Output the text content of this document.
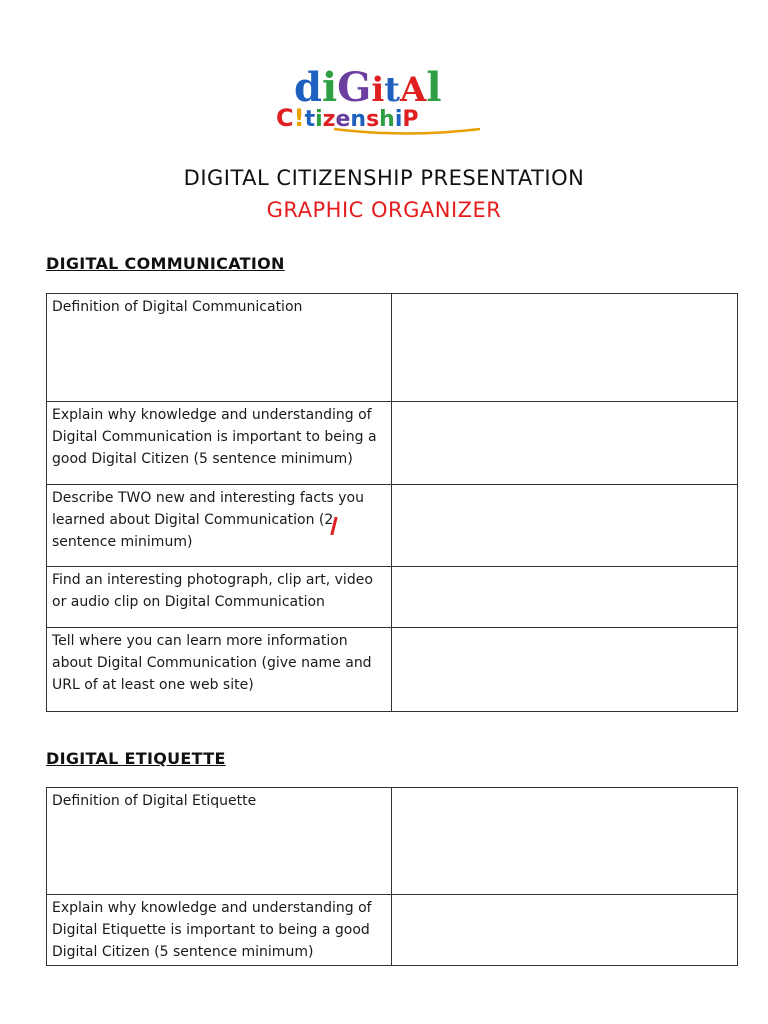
diGitAl
C!tizenshiP
DIGITAL CITIZENSHIP PRESENTATION
GRAPHIC ORGANIZER
DIGITAL COMMUNICATION
Definition of Digital Communication	

Explain why knowledge and understanding of Digital Communication is important to being a good Digital Citizen (5 sentence minimum)	

Describe TWO new and interesting facts you learned about Digital Communication (2 sentence minimum)	

Find an interesting photograph, clip art, video or audio clip on Digital Communication	

Tell where you can learn more information about Digital Communication (give name and URL of at least one web site)	

DIGITAL ETIQUETTE
Definition of Digital Etiquette	

Explain why knowledge and understanding of Digital Etiquette is important to being a good Digital Citizen (5 sentence minimum)	
